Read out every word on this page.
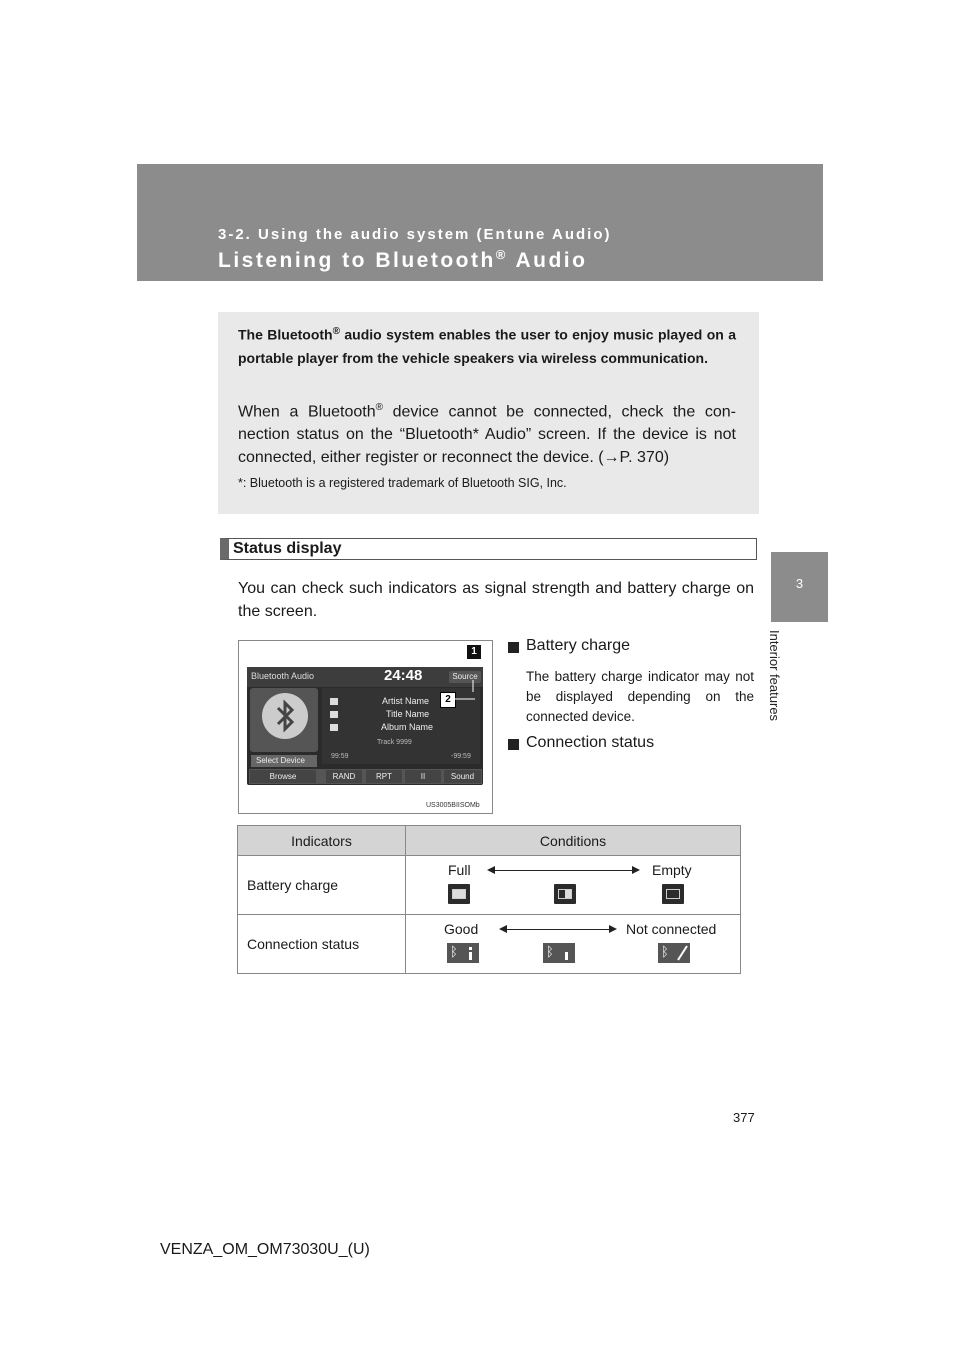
3-2. Using the audio system (Entune Audio)
Listening to Bluetooth® Audio
3
Interior features
The Bluetooth® audio system enables the user to enjoy music played on a portable player from the vehicle speakers via wireless communication.
When a Bluetooth® device cannot be connected, check the con-nection status on the “Bluetooth* Audio” screen. If the device is not connected, either register or reconnect the device. (→P. 370)
*: Bluetooth is a registered trademark of Bluetooth SIG, Inc.
Status display
You can check such indicators as signal strength and battery charge on the screen.
Bluetooth Audio	24:48	Source
Artist Name
Title Name
Album Name
Track 9999
99:59	-99:59
Select Device
Browse	RAND	RPT	II	Sound
1
2
US3005BIISOMb
Battery charge
The battery charge indicator may not be displayed depending on the connected device.
Connection status
Indicators	Conditions
Battery charge	Full Empty

Connection status	Good Not connected
ᛒ ᛒ ᛒ
377
VENZA_OM_OM73030U_(U)
